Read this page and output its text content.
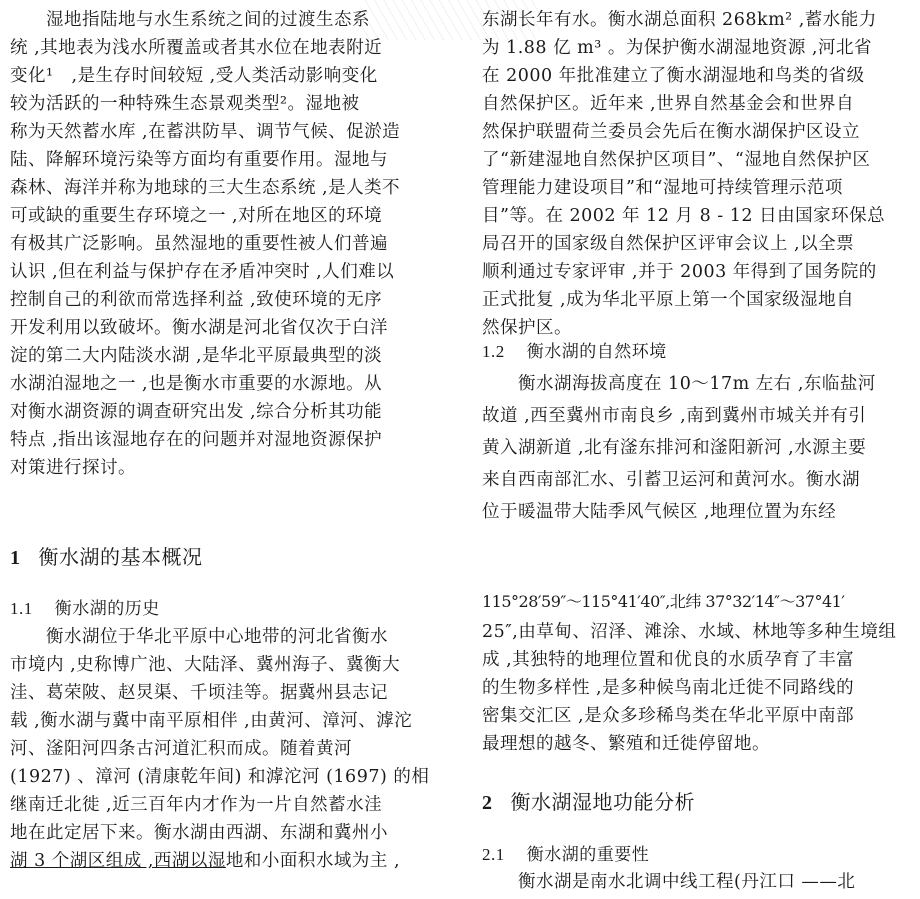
　　湿地指陆地与水生系统之间的过渡生态系
统 ,其地表为浅水所覆盖或者其水位在地表附近
变化¹　,是生存时间较短 ,受人类活动影响变化
较为活跃的一种特殊生态景观类型²。湿地被
称为天然蓄水库 ,在蓄洪防旱、调节气候、促淤造
陆、降解环境污染等方面均有重要作用。湿地与
森林、海洋并称为地球的三大生态系统 ,是人类不
可或缺的重要生存环境之一 ,对所在地区的环境
有极其广泛影响。虽然湿地的重要性被人们普遍
认识 ,但在利益与保护存在矛盾冲突时 ,人们难以
控制自己的利欲而常选择利益 ,致使环境的无序
开发利用以致破坏。衡水湖是河北省仅次于白洋
淀的第二大内陆淡水湖 ,是华北平原最典型的淡
水湖泊湿地之一 ,也是衡水市重要的水源地。从
对衡水湖资源的调查研究出发 ,综合分析其功能
特点 ,指出该湿地存在的问题并对湿地资源保护
对策进行探讨。
1 衡水湖的基本概况
1.1 衡水湖的历史
　　衡水湖位于华北平原中心地带的河北省衡水
市境内 ,史称博广池、大陆泽、冀州海子、冀衡大
洼、葛荣陂、赵炅渠、千顷洼等。据冀州县志记
载 ,衡水湖与冀中南平原相伴 ,由黄河、漳河、滹沱
河、滏阳河四条古河道汇积而成。随着黄河
(1927) 、漳河 (清康乾年间) 和滹沱河 (1697) 的相
继南迁北徙 ,近三百年内才作为一片自然蓄水洼
地在此定居下来。衡水湖由西湖、东湖和冀州小
湖 3 个湖区组成 ,西湖以湿地和小面积水域为主 ,
东湖长年有水。衡水湖总面积 268km² ,蓄水能力
为 1.88 亿 m³ 。为保护衡水湖湿地资源 ,河北省
在 2000 年批准建立了衡水湖湿地和鸟类的省级
自然保护区。近年来 ,世界自然基金会和世界自
然保护联盟荷兰委员会先后在衡水湖保护区设立
了“新建湿地自然保护区项目”、“湿地自然保护区
管理能力建设项目”和“湿地可持续管理示范项
目”等。在 2002 年 12 月 8 - 12 日由国家环保总
局召开的国家级自然保护区评审会议上 ,以全票
顺利通过专家评审 ,并于 2003 年得到了国务院的
正式批复 ,成为华北平原上第一个国家级湿地自
然保护区。
1.2 衡水湖的自然环境
　　衡水湖海拔高度在 10～17m 左右 ,东临盐河
故道 ,西至冀州市南良乡 ,南到冀州市城关并有引
黄入湖新道 ,北有滏东排河和滏阳新河 ,水源主要
来自西南部汇水、引蓄卫运河和黄河水。衡水湖
位于暖温带大陆季风气候区 ,地理位置为东经
115°28′59″～115°41′40″,北纬 37°32′14″～37°41′
25″,由草甸、沼泽、滩涂、水域、林地等多种生境组
成 ,其独特的地理位置和优良的水质孕育了丰富
的生物多样性 ,是多种候鸟南北迁徙不同路线的
密集交汇区 ,是众多珍稀鸟类在华北平原中南部
最理想的越冬、繁殖和迁徙停留地。
2 衡水湖湿地功能分析
2.1 衡水湖的重要性
　　衡水湖是南水北调中线工程(丹江口 ——北
